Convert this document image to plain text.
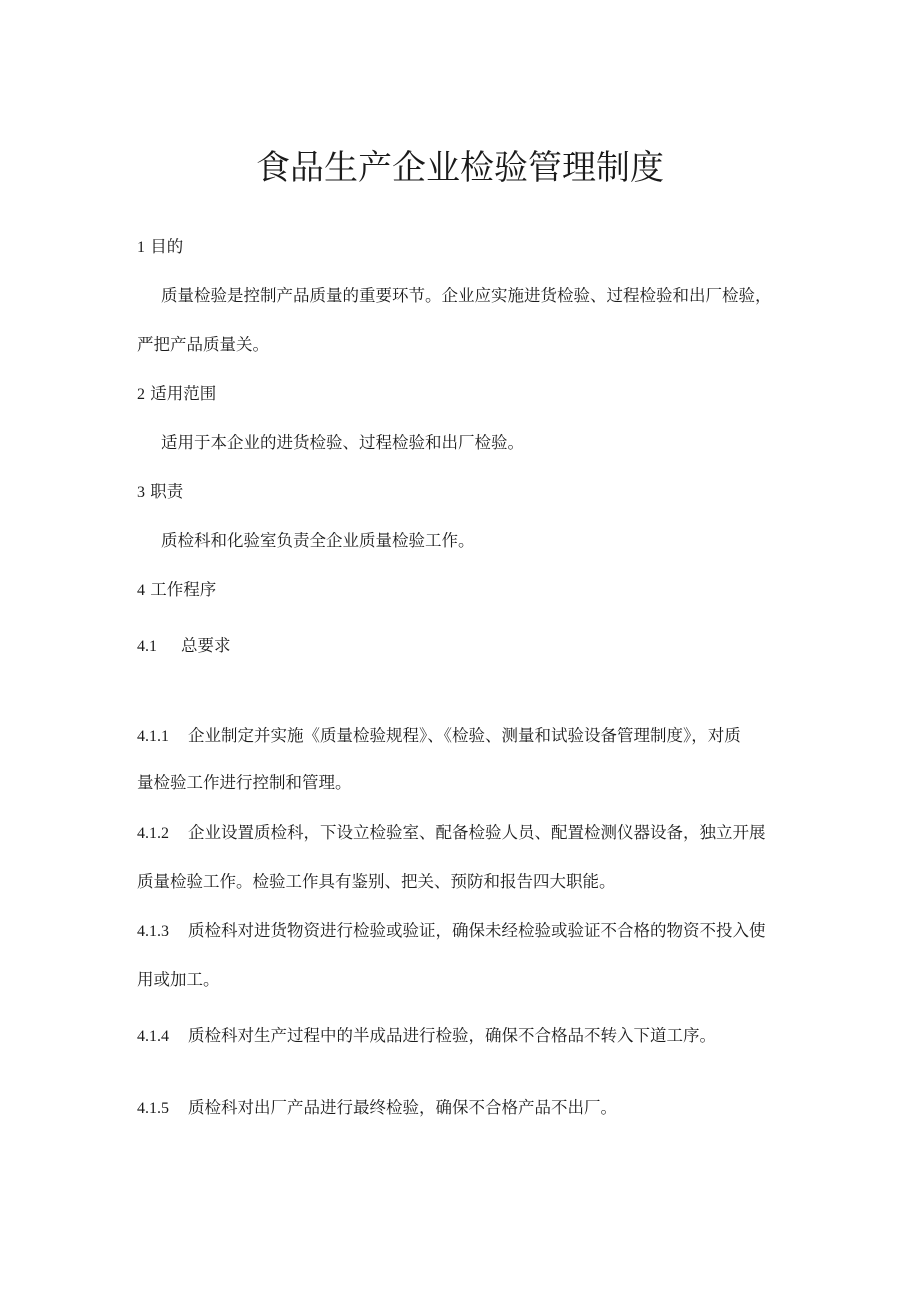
食品生产企业检验管理制度
1 目的
质量检验是控制产品质量的重要环节。企业应实施进货检验、过程检验和出厂检验，
严把产品质量关。
2 适用范围
适用于本企业的进货检验、过程检验和出厂检验。
3 职责
质检科和化验室负责全企业质量检验工作。
4 工作程序
4.1 总要求
4.1.1 企业制定并实施《质量检验规程》、《检验、测量和试验设备管理制度》，对质
量检验工作进行控制和管理。
4.1.2 企业设置质检科，下设立检验室、配备检验人员、配置检测仪器设备，独立开展
质量检验工作。检验工作具有鉴别、把关、预防和报告四大职能。
4.1.3 质检科对进货物资进行检验或验证，确保未经检验或验证不合格的物资不投入使
用或加工。
4.1.4 质检科对生产过程中的半成品进行检验，确保不合格品不转入下道工序。
4.1.5 质检科对出厂产品进行最终检验，确保不合格产品不出厂。
